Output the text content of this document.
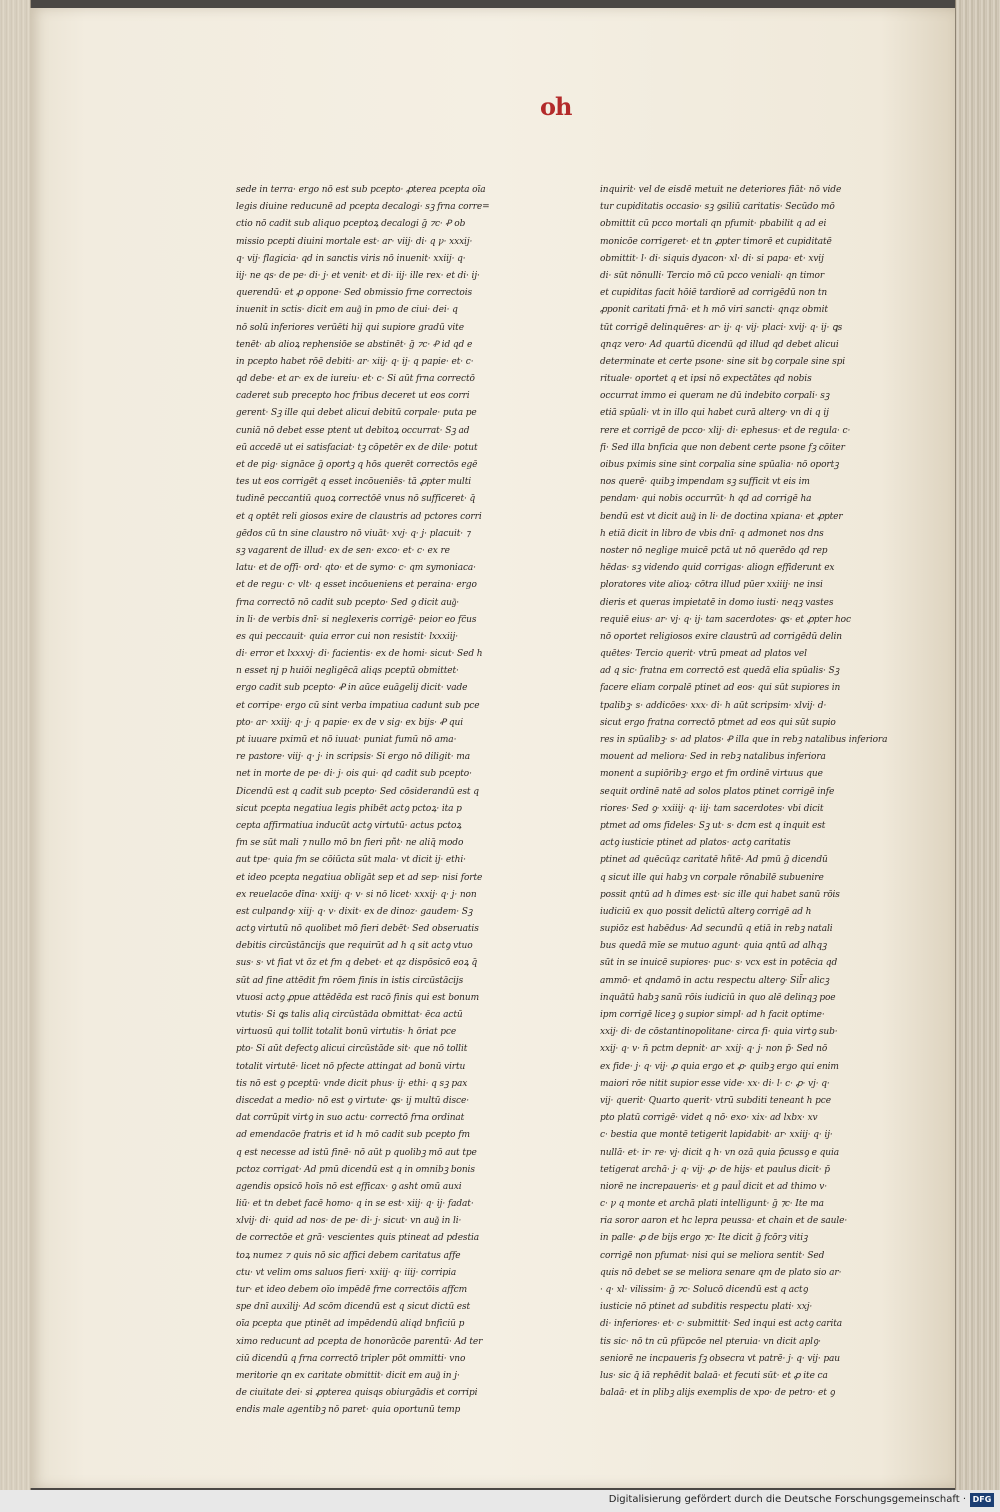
oh
sede in terra· ergo nō est sub pcepto· ꝓterea pcepta oīa
legis diuine reducunē ad pcepta decalogi· sꝫ frna corre=
ctio nō cadit sub aliquo pceptoꝝ decalogi ḡ ⁊c· Ꝓ ob
missio pcepti diuini mortale est· ar· viij· di· q ꝩ· xxxij·
q· vij· flagicia· qd in sanctis viris nō inuenit· xxiij· q·
iij· ne qs· de pe· di· j· et venit· et di· iij· ille rex· et di· ij·
querendū· et ꝓ oppone· Sed obmissio frne correctois
inuenit in sctis· dicit em aug͂ in pmo de ciui· dei· q
nō solū inferiores verūēti hij qui supiore gradū vite
tenēt· ab alioꝝ rephensiōe se abstinēt· ḡ ⁊c· Ꝓ id qd e
in pcepto habet rōē debiti· ar· xiij· q· ij· q papie· et· c·
qd debe· et ar· ex de iureiu· et· c· Si aūt frna correctō
caderet sub precepto hoc fribus deceret ut eos corri
gerent· Sꝫ ille qui debet alicui debitū corpale· puta pe
cuniā nō debet esse ptent ut debitoꝝ occurrat· Sꝫ ad
eū accedē ut ei satisfaciat· tꝫ cōpetēr ex de dile· potut
et de pig· signāce ḡ oportꝫ q hōs querēt correctōs egē
tes ut eos corrigēt q esset incōueniēs· tā ꝓpter multi
tudinē peccantiū quoꝝ correctōē vnus nō sufficeret· q̄
et q optēt reli giosos exire de claustris ad pctores corri
gēdos cū tn sine claustro nō viuāt· xvj· q· j· placuit· ⁊
sꝫ vagarent de illud· ex de sen· exco· et· c· ex re
latu· et de offi· ord· qto· et de symo· c· qm symoniaca·
et de regu· c· vlt· q esset incōueniens et peraina· ergo
frna correctō nō cadit sub pcepto· Sed ꝯ dicit aug͂·
in li· de verbis dnī· si neglexeris corrigē· peior eo fc̄us
es qui peccauit· quia error cui non resistit· lxxxiij·
di· error et lxxxvj· di· facientis· ex de homi· sicut· Sed h
n esset nj p huiōi negligēcā aliqs pceptū obmittet·
ergo cadit sub pcepto· Ꝓ in aūce euāgelij dicit· vade
et corripe· ergo cū sint verba impatiua cadunt sub pce
pto· ar· xxiij· q· j· q papie· ex de v sig· ex bijs· Ꝓ qui
pt iuuare pximū et nō iuuat· puniat fumū nō ama·
re pastore· viij· q· j· in scripsis· Si ergo nō diligit· ma
net in morte de pe· di· j· ois qui· qd cadit sub pcepto·
Dicendū est q cadit sub pcepto· Sed cōsiderandū est q
sicut pcepta negatiua legis phibēt actꝯ pctoꝝ· ita p
cepta affirmatiua inducūt actꝯ virtutū· actus pctoꝝ
fm se sūt mali ⁊ nullo mō bn fieri pñt· ne aliq̄ modo
aut tpe· quia fm se cōiūcta sūt mala· vt dicit ij· ethi·
et ideo pcepta negatiua obligāt sep et ad sep· nisi forte
ex reuelacōe dīna· xxiij· q· v· si nō licet· xxxij· q· j· non
est culpandꝯ· xiij· q· v· dixit· ex de dinoz· gaudem· Sꝫ
actꝯ virtutū nō quolibet mō fieri debēt· Sed obseruatis
debitis circūstāncijs que requirūt ad h q sit actꝯ vtuo
sus· s· vt fiat vt ōz et fm q debet· et qz dispōsicō eoꝝ q̄
sūt ad fine attēdit fm rōem finis in istis circūstācijs
vtuosi actꝯ ꝓpue attēdēda est racō finis qui est bonum
vtutis· Si ꝗs talis aliq circūstāda obmittat· ēca actū
virtuosū qui tollit totalit bonū virtutis· h ōriat pce
pto· Si aūt defectꝯ alicui circūstāde sit· que nō tollit
totalit virtutē· licet nō pfecte attingat ad bonū virtu
tis nō est ꝯ pceptū· vnde dicit phus· ij· ethi· q sꝫ pax
discedat a medio· nō est ꝯ virtute· ꝗs· ij multū disce·
dat corrūpit virtꝯ in suo actu· correctō frna ordinat
ad emendacōe fratris et id h mō cadit sub pcepto fm
q est necesse ad istū finē· nō aūt p quolibꝫ mō aut tpe
pctoz corrigat· Ad pmū dicendū est q in omnibꝫ bonis
agendis opsicō hoīs nō est efficax· ꝯ asht omū auxi
liū· et tn debet facē homo· q in se est· xiij· q· ij· fadat·
xlvij· di· quid ad nos· de pe· di· j· sicut· vn aug͂ in li·
de correctōe et grā· vescientes quis ptineat ad pdestia
toꝝ numez ⁊ quis nō sic affici debem caritatus affe
ctu· vt velim oms saluos fieri· xxiij· q· iiij· corripia
tur· et ideo debem oīo impēdē frne correctōis affcm
spe dnī auxilij· Ad scōm dicendū est q sicut dictū est
oīa pcepta que ptinēt ad impēdendū aliqd bnficiū p
ximo reducunt ad pcepta de honorācōe parentū· Ad ter
ciū dicendū q frna correctō tripler pōt ommitti· vno
meritorie qn ex caritate obmittit· dicit em aug͂ in j·
de ciuitate dei· si ꝓpterea quisqs obiurgādis et corripi
endis male agentibꝫ nō paret· quia oportunū temp
inquirit· vel de eisdē metuit ne deteriores fiāt· nō vide
tur cupiditatis occasio· sꝫ ꝯsiliū caritatis· Secūdo mō
obmittit cū pcco mortali qn pfumit· pbabilit q ad ei
monicōe corrigeret· et tn ꝓpter timorē et cupiditatē
obmittit· l· di· siquis dyacon· xl· di· si papa· et· xvij
di· sūt nōnulli· Tercio mō cū pcco veniali· qn timor
et cupiditas facit hōiē tardiorē ad corrigēdū non tn
ꝓponit caritati frnā· et h mō viri sancti· qnqz obmit
tūt corrigē delinquēres· ar· ij· q· vij· placi· xvij· q· ij· ꝗs
qnqz vero· Ad quartū dicendū qd illud qd debet alicui
determinate et certe psone· sine sit bꝯ corpale sine spi
rituale· oportet q et ipsi nō expectātes qd nobis
occurrat immo ei queram ne dū indebito corpali· sꝫ
etiā spūali· vt in illo qui habet curā alterꝯ· vn di q ij
rere et corrigē de pcco· xlij· di· ephesus· et de regula· c·
fi· Sed illa bnficia que non debent certe psone fꝫ cōiter
oibus pximis sine sint corpalia sine spūalia· nō oportꝫ
nos querē· quibꝫ impendam sꝫ sufficit vt eis im
pendam· qui nobis occurrūt· h qd ad corrigē ha
bendū est vt dicit aug͂ in li· de doctina xpiana· et ꝓpter
h etiā dicit in libro de vbis dnī· q admonet nos dns
noster nō neglige muicē pctā ut nō querēdo qd rep
hēdas· sꝫ videndo quid corrigas· aliogn effiderunt ex
ploratores vite alioꝝ· cōtra illud pūer xxiiij· ne insi
dieris et queras impietatē in domo iusti· neqꝫ vastes
requiē eius· ar· vj· q· ij· tam sacerdotes· ꝗs· et ꝓpter hoc
nō oportet religiosos exire claustrū ad corrigēdū delin
quētes· Tercio querit· vtrū pmeat ad platos vel
ad q sic· fratna em correctō est quedā elia spūalis· Sꝫ
facere eliam corpalē ptinet ad eos· qui sūt supiores in
tpalibꝫ· s· addicōes· xxx· di· h aūt scripsim· xlvij· d·
sicut ergo fratna correctō ptmet ad eos qui sūt supio
res in spūalibꝫ· s· ad platos· Ꝓ illa que in rebꝫ natalibus inferiora
mouent ad meliora· Sed in rebꝫ natalibus inferiora
monent a supiōribꝫ· ergo et fm ordinē virtuus que
sequit ordinē natē ad solos platos ptinet corrigē infe
riores· Sed ꝯ· xxiiij· q· iij· tam sacerdotes· vbi dicit
ptmet ad oms fideles· Sꝫ ut· s· dcm est q inquit est
actꝯ iusticie ptinet ad platos· actꝯ caritatis
ptinet ad quēcūqz caritatē hñtē· Ad pmū ḡ dicendū
q sicut ille qui habꝫ vn corpale rōnabilē subuenire
possit qntū ad h dimes est· sic ille qui habet sanū rōis
iudiciū ex quo possit delictū alterꝯ corrigē ad h
supiōz est habēdus· Ad secundū q etiā in rebꝫ natali
bus quedā mīe se mutuo agunt· quia qntū ad alhqꝫ
sūt in se inuicē supiores· puc· s· vcx est in potēcia qd
ammō· et qndamō in actu respectu alterꝯ· Sil̄r alicꝫ
inquātū habꝫ sanū rōis iudiciū in quo alē delinqꝫ poe
ipm corrigē liceꝫ ꝯ supior simpl· ad h facit optime·
xxij· di· de cōstantinopolitane· circa fi· quia virtꝯ sub·
xxij· q· v· n̄ pctm depnit· ar· xxij· q· j· non p̄· Sed nō
ex fide· j· q· vij· ꝓ quia ergo et ꝓ· quibꝫ ergo qui enim
maiori rōe nitit supior esse vide· xx· di· l· c· ꝓ· vj· q·
vij· querit· Quarto querit· vtrū subditi teneant h pce
pto platū corrigē· videt q nō· exo· xix· ad lxbx· xv
c· bestia que montē tetigerit lapidabit· ar· xxiij· q· ij·
nullā· et· ir· re· vj· dicit q h· vn ozā quia p̄cussꝯ e quia
tetigerat archā· j· q· vij· ꝓ· de hijs· et paulus dicit· p̄
niorē ne increpaueris· et g paul͂ dicit et ad thimo v·
c· ꝩ q monte et archā plati intelligunt· ḡ ⁊c· Ite ma
ria soror aaron et hc lepra peussa· et chain et de saule·
in palle· ꝓ de bijs ergo ⁊c· Ite dicit ḡ fcōrꝫ vitiꝫ
corrigē non pfumat· nisi qui se meliora sentit· Sed
quis nō debet se se meliora senare qm de plato sio ar·
· q· xl· vilissim· ḡ ⁊c· Solucō dicendū est q actꝯ
iusticie nō ptinet ad subditis respectu plati· xxj·
di· inferiores· et· c· submittit· Sed inqui est actꝯ carita
tis sic· nō tn cū pfūpcōe nel pteruia· vn dicit aplꝯ·
seniorē ne incpaueris fꝫ obsecra vt patrē· j· q· vij· pau
lus· sic q̄ iā rephēdit balaā· et fecuti sūt· et ꝓ ite ca
balaā· et in plibꝫ alijs exemplis de xpo· de petro· et ꝯ
Digitalisierung gefördert durch die Deutsche Forschungsgemeinschaft · DFG
